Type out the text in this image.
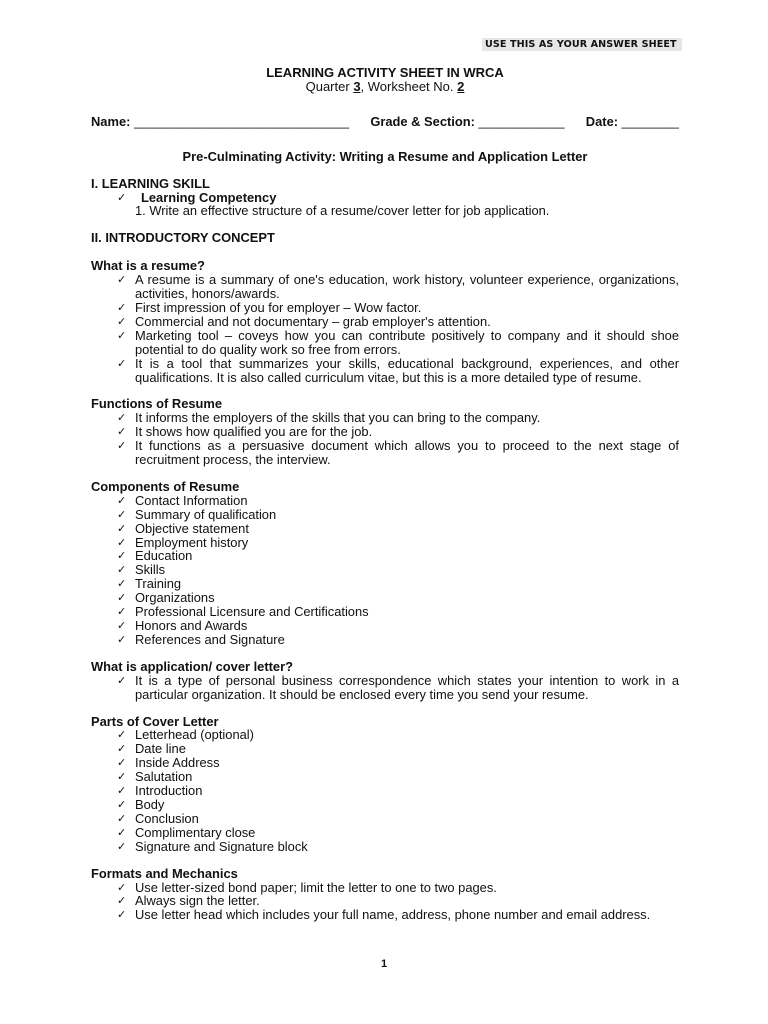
USE THIS AS YOUR ANSWER SHEET
LEARNING ACTIVITY SHEET IN WRCA
Quarter 3, Worksheet No. 2
Name: ______________________________ Grade & Section: ____________ Date: ________
Pre-Culminating Activity: Writing a Resume and Application Letter
I. LEARNING SKILL
✓ Learning Competency
1. Write an effective structure of a resume/cover letter for job application.
II. INTRODUCTORY CONCEPT
What is a resume?
✓ A resume is a summary of one's education, work history, volunteer experience, organizations, activities, honors/awards.
✓ First impression of you for employer – Wow factor.
✓ Commercial and not documentary – grab employer's attention.
✓ Marketing tool – coveys how you can contribute positively to company and it should shoe potential to do quality work so free from errors.
✓ It is a tool that summarizes your skills, educational background, experiences, and other qualifications. It is also called curriculum vitae, but this is a more detailed type of resume.
Functions of Resume
✓ It informs the employers of the skills that you can bring to the company.
✓ It shows how qualified you are for the job.
✓ It functions as a persuasive document which allows you to proceed to the next stage of recruitment process, the interview.
Components of Resume
✓ Contact Information
✓ Summary of qualification
✓ Objective statement
✓ Employment history
✓ Education
✓ Skills
✓ Training
✓ Organizations
✓ Professional Licensure and Certifications
✓ Honors and Awards
✓ References and Signature
What is application/ cover letter?
✓ It is a type of personal business correspondence which states your intention to work in a particular organization. It should be enclosed every time you send your resume.
Parts of Cover Letter
✓ Letterhead (optional)
✓ Date line
✓ Inside Address
✓ Salutation
✓ Introduction
✓ Body
✓ Conclusion
✓ Complimentary close
✓ Signature and Signature block
Formats and Mechanics
✓ Use letter-sized bond paper; limit the letter to one to two pages.
✓ Always sign the letter.
✓ Use letter head which includes your full name, address, phone number and email address.
1
